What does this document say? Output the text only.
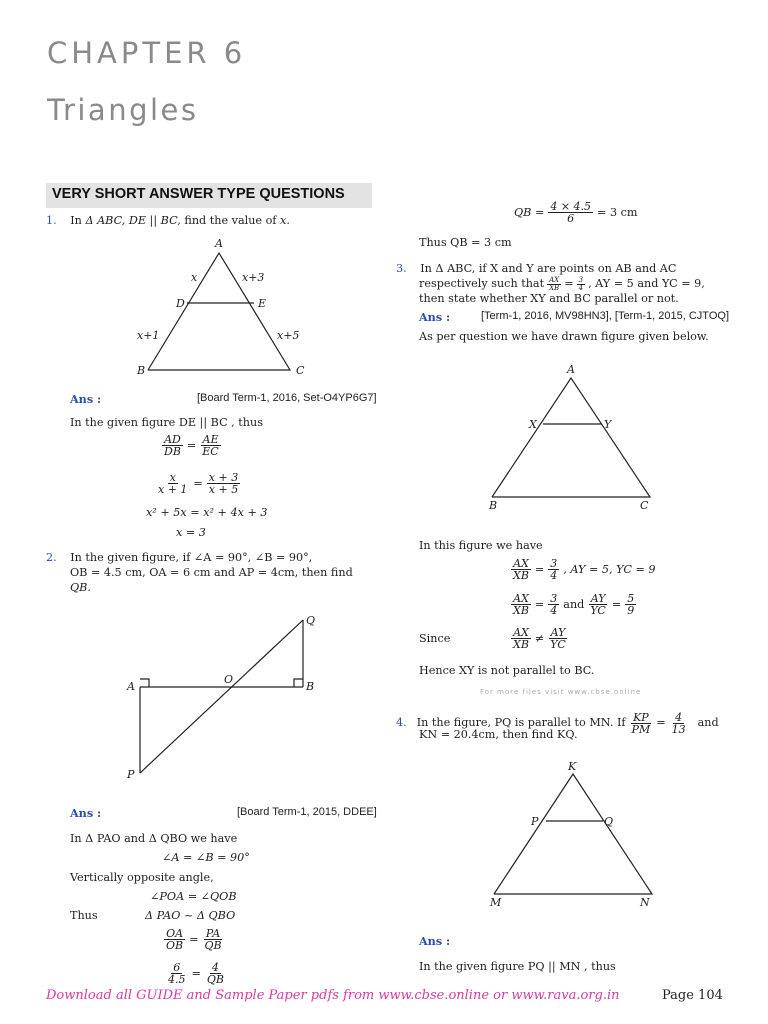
CHAPTER 6
Triangles
VERY SHORT ANSWER TYPE QUESTIONS
1. In Δ ABC, DE || BC, find the value of x.
A
B	C
D	E
x	x+3
x+1	x+5
Ans :	[Board Term-1, 2016, Set-O4YP6G7]
In the given figure DE || BC , thus
$\frac{AD}{DB} = \frac{AE}{EC}$
$\frac{x}{x + 1} = \frac{x + 3}{x + 5}$
x² + 5x = x² + 4x + 3
x = 3
2. In the given figure, if ∠A = 90°, ∠B = 90°,
OB = 4.5 cm, OA = 6 cm and AP = 4cm, then find
QB.
A	B
O
P
Q
Ans :	[Board Term-1, 2015, DDEE]
In Δ PAO and Δ QBO we have
∠A = ∠B = 90°
Vertically opposite angle,
∠POA = ∠QOB
Thus	Δ PAO ~ Δ QBO
$\frac{OA}{OB} = \frac{PA}{QB}$
$\frac{6}{4.5} = \frac{4}{QB}$
QB = $\frac{4 \times 4.5}{6} = 3$ cm
Thus QB = 3 cm
3. In Δ ABC, if X and Y are points on AB and AC
respectively such that $\frac{AX}{XB} = \frac{3}{4}$ , AY = 5 and YC = 9,
then state whether XY and BC parallel or not.
Ans :	[Term-1, 2016, MV98HN3], [Term-1, 2015, CJTOQ]
As per question we have drawn figure given below.
A
X	Y
B	C
In this figure we have
$\frac{AX}{XB} = \frac{3}{4}$ , AY = 5, YC = 9
$\frac{AX}{XB} = \frac{3}{4}$ and $\frac{AY}{YC} = \frac{5}{9}$
Since	$\frac{AX}{XB} \ne \frac{AY}{YC}$
Hence XY is not parallel to BC.
For more files visit www.cbse.online
4. In the figure, PQ is parallel to MN. If $\frac{KP}{PM} = \frac{4}{13}$ and
KN = 20.4cm, then find KQ.
K
P	Q
M	N
Ans :
In the given figure PQ || MN , thus
Download all GUIDE and Sample Paper pdfs from www.cbse.online or www.rava.org.in	Page 104
